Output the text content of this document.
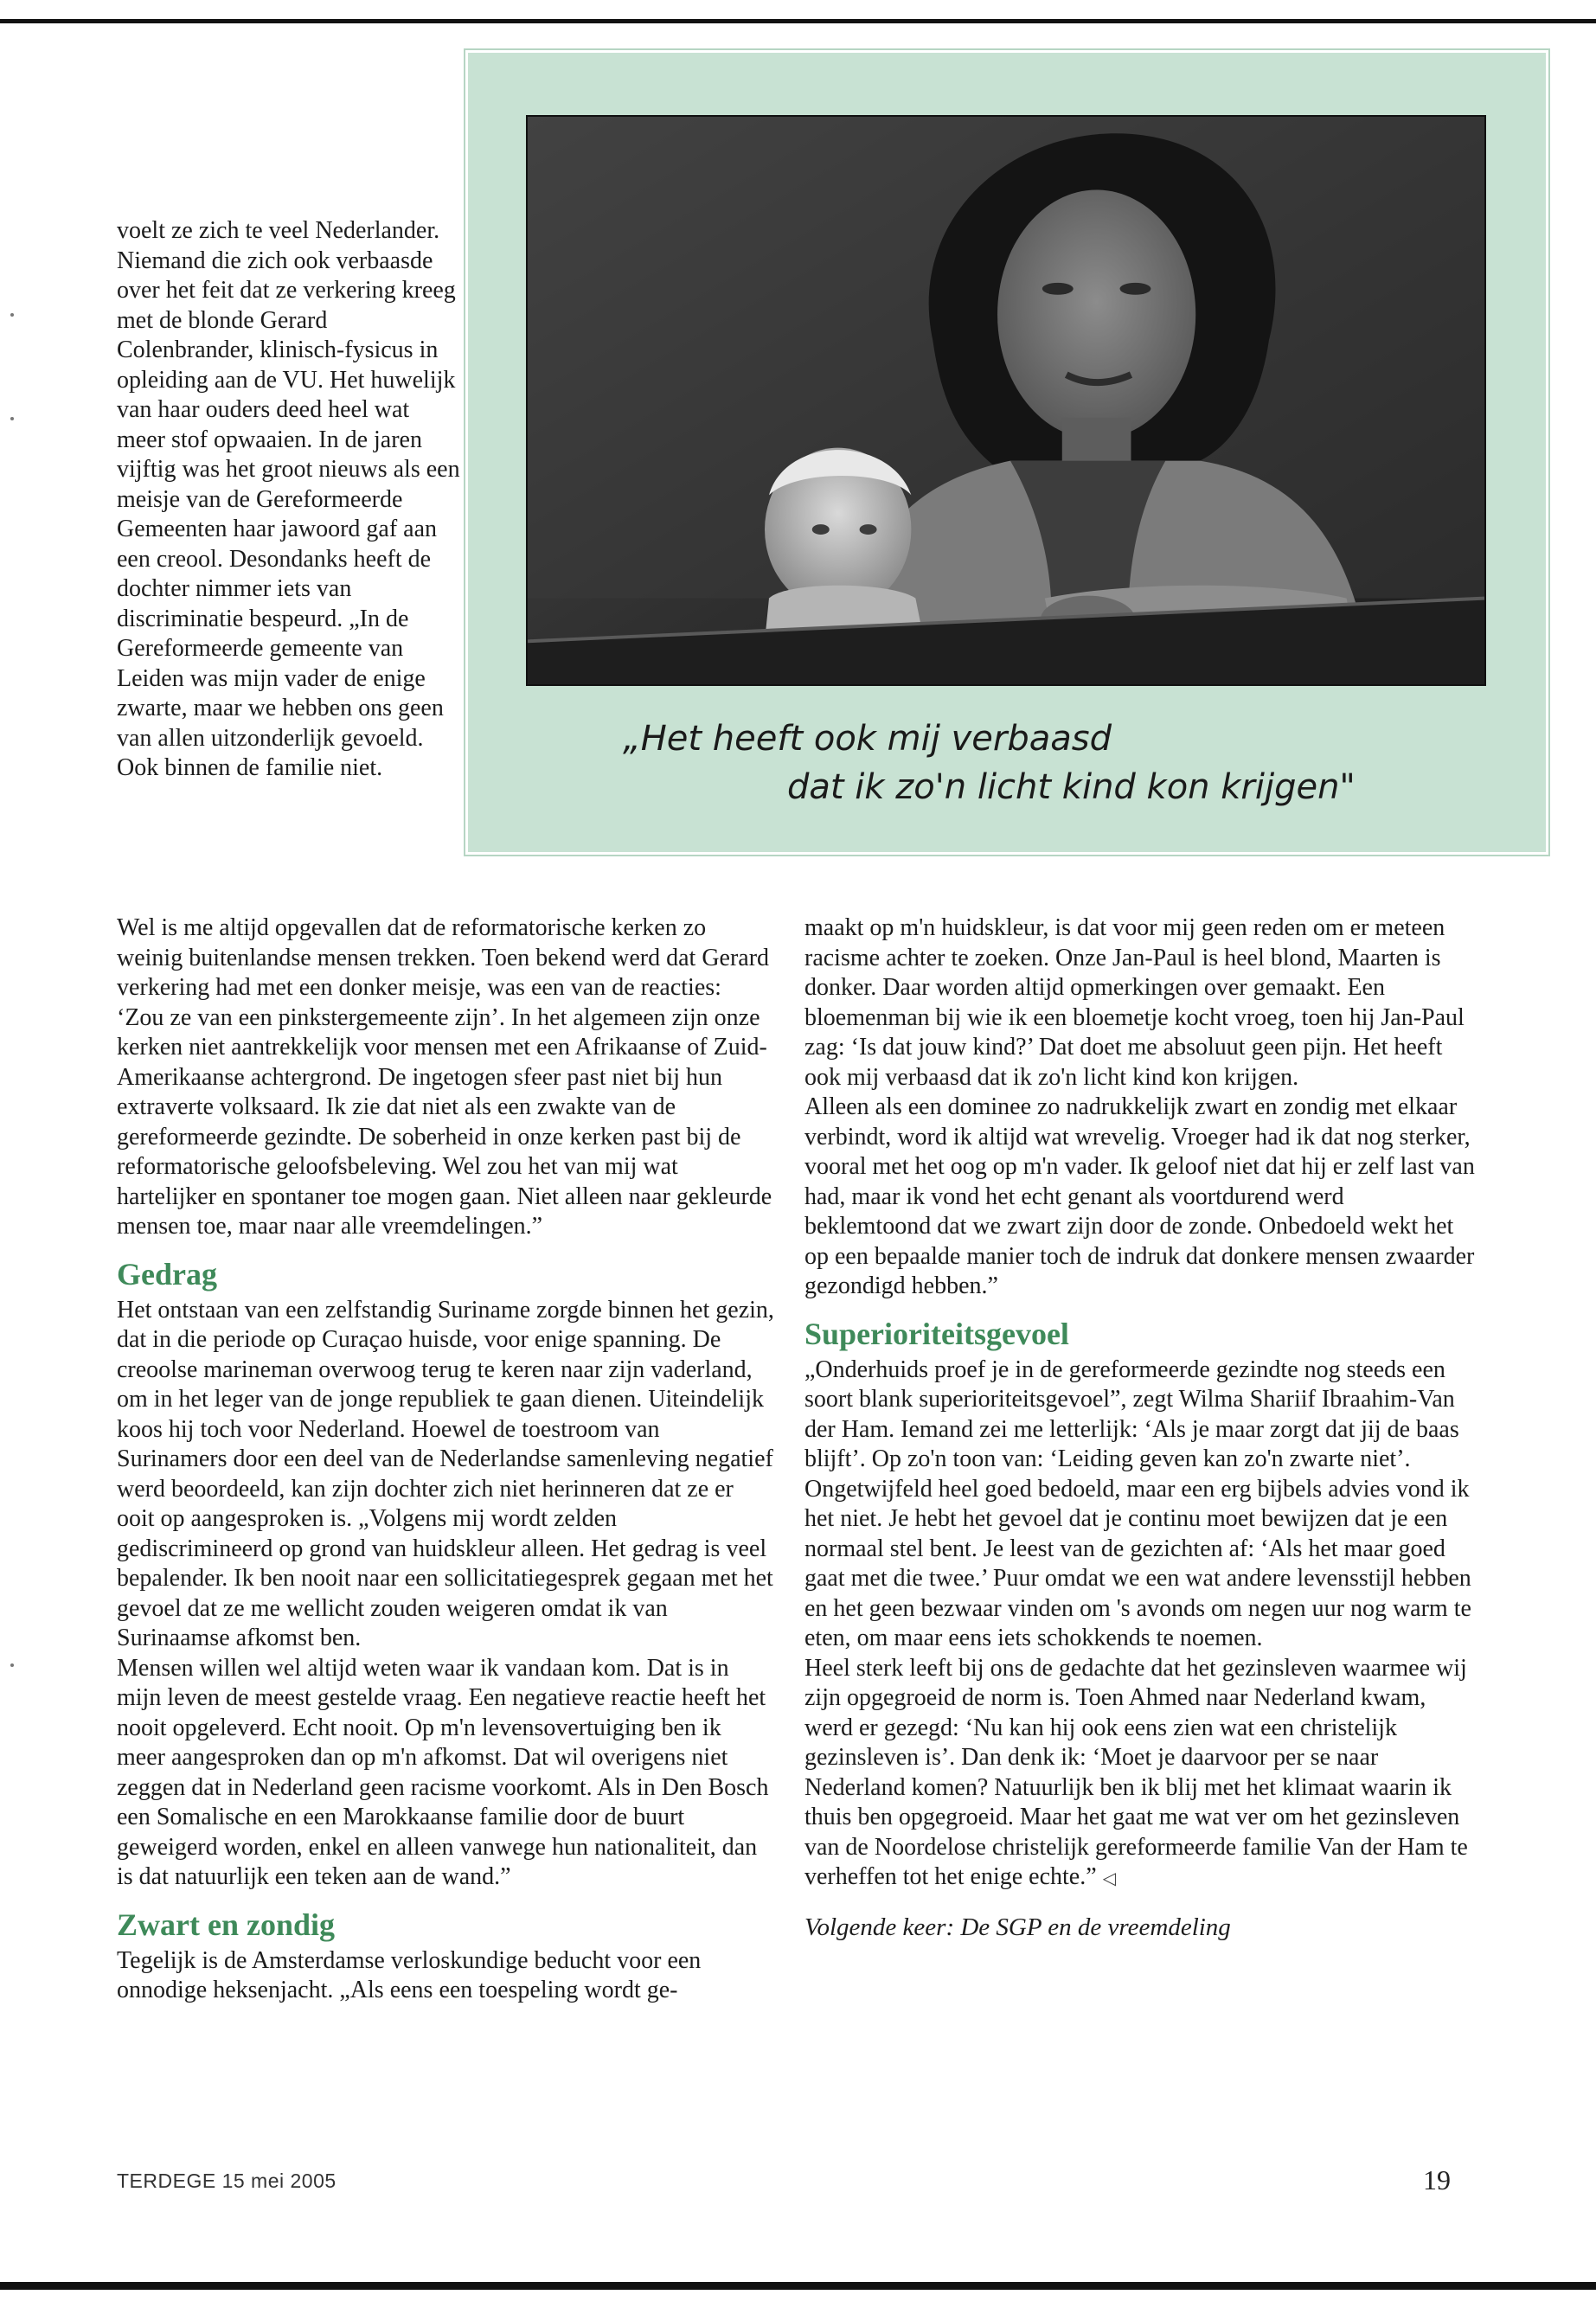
„Het heeft ook mij verbaasd
dat ik zo'n licht kind kon krijgen"

voelt ze zich te veel Nederlander. Niemand die zich ook verbaasde over het feit dat ze verkering kreeg met de blonde Gerard Colenbrander, klinisch-fysicus in opleiding aan de VU. Het huwelijk van haar ouders deed heel wat meer stof opwaaien. In de jaren vijftig was het groot nieuws als een meisje van de Gereformeerde Gemeenten haar jawoord gaf aan een creool. Desondanks heeft de dochter nimmer iets van discriminatie bespeurd. „In de Gereformeerde gemeente van Leiden was mijn vader de enige zwarte, maar we hebben ons geen van allen uitzonderlijk gevoeld. Ook binnen de familie niet.

Wel is me altijd opgevallen dat de reformatorische kerken zo weinig buitenlandse mensen trekken. Toen bekend werd dat Gerard verkering had met een donker meisje, was een van de reacties: ‘Zou ze van een pinkstergemeente zijn’. In het algemeen zijn onze kerken niet aantrekkelijk voor mensen met een Afrikaanse of Zuid-Amerikaanse achtergrond. De ingetogen sfeer past niet bij hun extraverte volksaard. Ik zie dat niet als een zwakte van de gereformeerde gezindte. De soberheid in onze kerken past bij de reformatorische geloofsbeleving. Wel zou het van mij wat hartelijker en spontaner toe mogen gaan. Niet alleen naar gekleurde mensen toe, maar naar alle vreemdelingen.”

Gedrag

Het ontstaan van een zelfstandig Suriname zorgde binnen het gezin, dat in die periode op Curaçao huisde, voor enige spanning. De creoolse marineman overwoog terug te keren naar zijn vaderland, om in het leger van de jonge republiek te gaan dienen. Uiteindelijk koos hij toch voor Nederland. Hoewel de toestroom van Surinamers door een deel van de Nederlandse samenleving negatief werd beoordeeld, kan zijn dochter zich niet herinneren dat ze er ooit op aangesproken is. „Volgens mij wordt zelden gediscrimineerd op grond van huidskleur alleen. Het gedrag is veel bepalender. Ik ben nooit naar een sollicitatiegesprek gegaan met het gevoel dat ze me wellicht zouden weigeren omdat ik van Surinaamse afkomst ben.

Mensen willen wel altijd weten waar ik vandaan kom. Dat is in mijn leven de meest gestelde vraag. Een negatieve reactie heeft het nooit opgeleverd. Echt nooit. Op m'n levensovertuiging ben ik meer aangesproken dan op m'n afkomst. Dat wil overigens niet zeggen dat in Nederland geen racisme voorkomt. Als in Den Bosch een Somalische en een Marokkaanse familie door de buurt geweigerd worden, enkel en alleen vanwege hun nationaliteit, dan is dat natuurlijk een teken aan de wand.”

Zwart en zondig

Tegelijk is de Amsterdamse verloskundige beducht voor een onnodige heksenjacht. „Als eens een toespeling wordt ge-

maakt op m'n huidskleur, is dat voor mij geen reden om er meteen racisme achter te zoeken. Onze Jan-Paul is heel blond, Maarten is donker. Daar worden altijd opmerkingen over gemaakt. Een bloemenman bij wie ik een bloemetje kocht vroeg, toen hij Jan-Paul zag: ‘Is dat jouw kind?’ Dat doet me absoluut geen pijn. Het heeft ook mij verbaasd dat ik zo'n licht kind kon krijgen.

Alleen als een dominee zo nadrukkelijk zwart en zondig met elkaar verbindt, word ik altijd wat wrevelig. Vroeger had ik dat nog sterker, vooral met het oog op m'n vader. Ik geloof niet dat hij er zelf last van had, maar ik vond het echt genant als voortdurend werd beklemtoond dat we zwart zijn door de zonde. Onbedoeld wekt het op een bepaalde manier toch de indruk dat donkere mensen zwaarder gezondigd hebben.”

Superioriteitsgevoel

„Onderhuids proef je in de gereformeerde gezindte nog steeds een soort blank superioriteitsgevoel”, zegt Wilma Shariif Ibraahim-Van der Ham. Iemand zei me letterlijk: ‘Als je maar zorgt dat jij de baas blijft’. Op zo'n toon van: ‘Leiding geven kan zo'n zwarte niet’. Ongetwijfeld heel goed bedoeld, maar een erg bijbels advies vond ik het niet. Je hebt het gevoel dat je continu moet bewijzen dat je een normaal stel bent. Je leest van de gezichten af: ‘Als het maar goed gaat met die twee.’ Puur omdat we een wat andere levensstijl hebben en het geen bezwaar vinden om 's avonds om negen uur nog warm te eten, om maar eens iets schokkends te noemen.

Heel sterk leeft bij ons de gedachte dat het gezinsleven waarmee wij zijn opgegroeid de norm is. Toen Ahmed naar Nederland kwam, werd er gezegd: ‘Nu kan hij ook eens zien wat een christelijk gezinsleven is’. Dan denk ik: ‘Moet je daarvoor per se naar Nederland komen? Natuurlijk ben ik blij met het klimaat waarin ik thuis ben opgegroeid. Maar het gaat me wat ver om het gezinsleven van de Noordelose christelijk gereformeerde familie Van der Ham te verheffen tot het enige echte.” ◁

Volgende keer: De SGP en de vreemdeling

TERDEGE 15 mei 2005	19
